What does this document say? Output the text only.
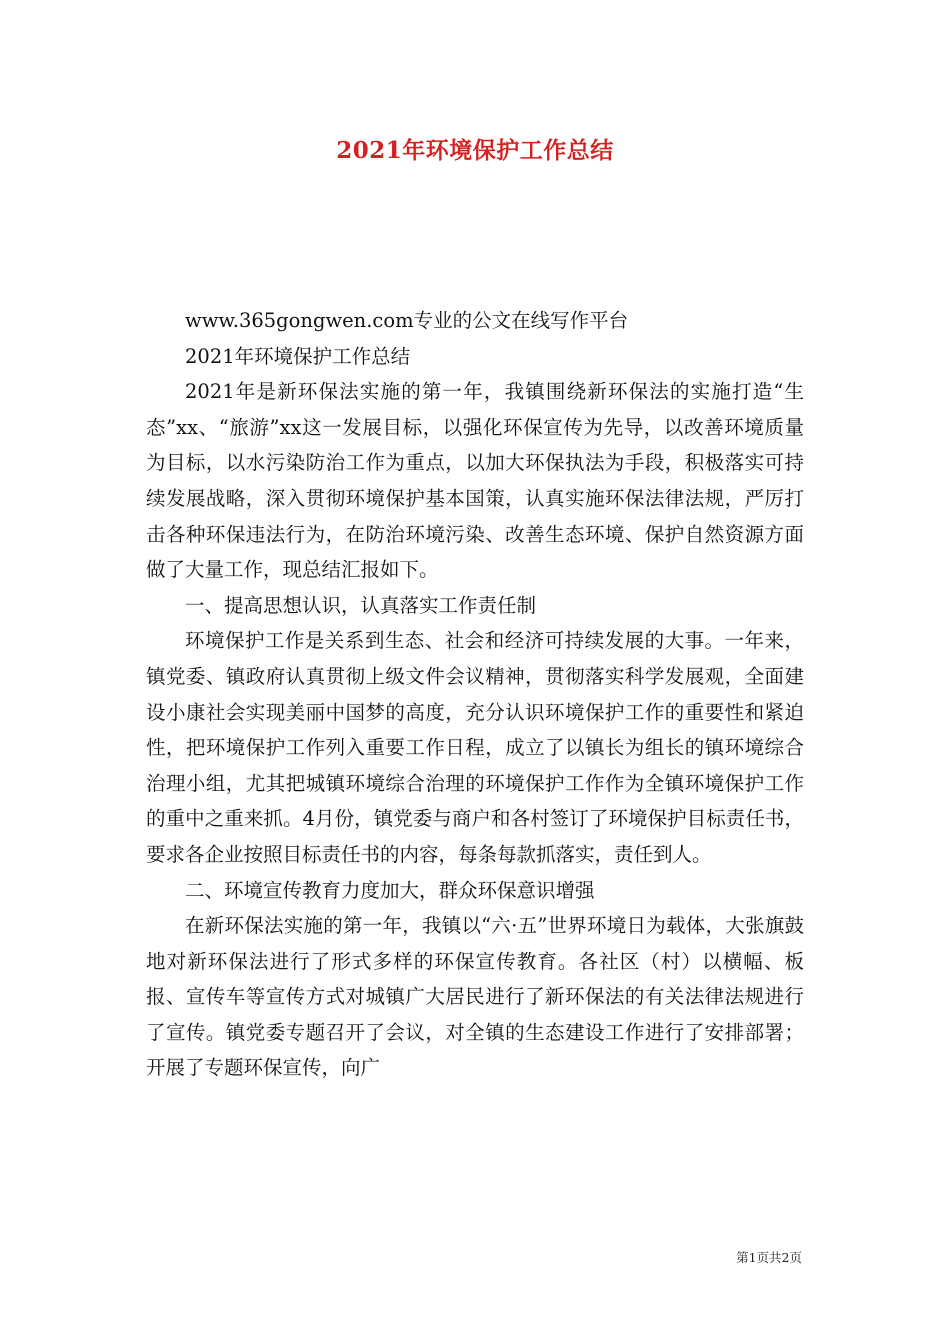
2021年环境保护工作总结

www.365gongwen.com专业的公文在线写作平台

2021年环境保护工作总结

2021年是新环保法实施的第一年，我镇围绕新环保法的实施打造“生态”xx、“旅游”xx这一发展目标，以强化环保宣传为先导，以改善环境质量为目标，以水污染防治工作为重点，以加大环保执法为手段，积极落实可持续发展战略，深入贯彻环境保护基本国策，认真实施环保法律法规，严厉打击各种环保违法行为，在防治环境污染、改善生态环境、保护自然资源方面做了大量工作，现总结汇报如下。

一、提高思想认识，认真落实工作责任制

环境保护工作是关系到生态、社会和经济可持续发展的大事。一年来，镇党委、镇政府认真贯彻上级文件会议精神，贯彻落实科学发展观，全面建设小康社会实现美丽中国梦的高度，充分认识环境保护工作的重要性和紧迫性，把环境保护工作列入重要工作日程，成立了以镇长为组长的镇环境综合治理小组，尤其把城镇环境综合治理的环境保护工作作为全镇环境保护工作的重中之重来抓。4月份，镇党委与商户和各村签订了环境保护目标责任书，要求各企业按照目标责任书的内容，每条每款抓落实，责任到人。

二、环境宣传教育力度加大，群众环保意识增强

在新环保法实施的第一年，我镇以“六·五”世界环境日为载体，大张旗鼓地对新环保法进行了形式多样的环保宣传教育。各社区（村）以横幅、板报、宣传车等宣传方式对城镇广大居民进行了新环保法的有关法律法规进行了宣传。镇党委专题召开了会议，对全镇的生态建设工作进行了安排部署；开展了专题环保宣传，向广

第1页共2页
